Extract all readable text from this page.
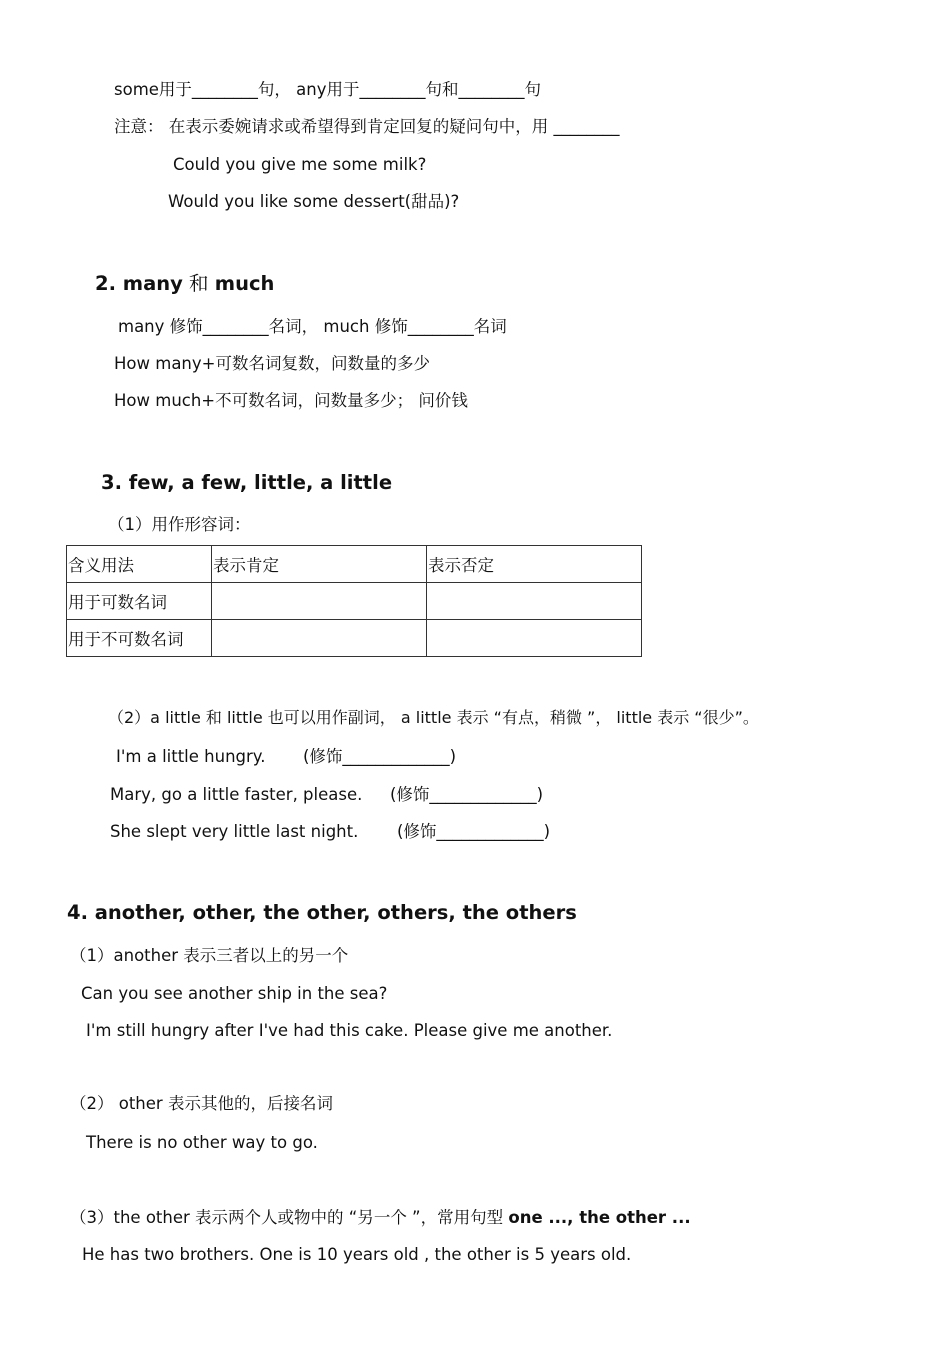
some用于________句， any用于________句和________句
注意： 在表示委婉请求或希望得到肯定回复的疑问句中，用 ________
Could you give me some milk?
Would you like some dessert(甜品)?
2. many 和 much
many 修饰________名词， much 修饰________名词
How many+可数名词复数，问数量的多少
How much+不可数名词，问数量多少； 问价钱
3. few, a few, little, a little
（1）用作形容词：
含义用法	表示肯定	表示否定
用于可数名词		
用于不可数名词		
（2）a little 和 little 也可以用作副词， a little 表示 “有点，稍微 ”， little 表示 “很少”。
I'm a little hungry. (修饰_____________)
Mary, go a little faster, please. (修饰_____________)
She slept very little last night. (修饰_____________)
4. another, other, the other, others, the others
（1）another 表示三者以上的另一个
Can you see another ship in the sea?
I'm still hungry after I've had this cake. Please give me another.
（2） other 表示其他的，后接名词
There is no other way to go.
（3）the other 表示两个人或物中的 “另一个 ”，常用句型 one ..., the other ...
He has two brothers. One is 10 years old , the other is 5 years old.
